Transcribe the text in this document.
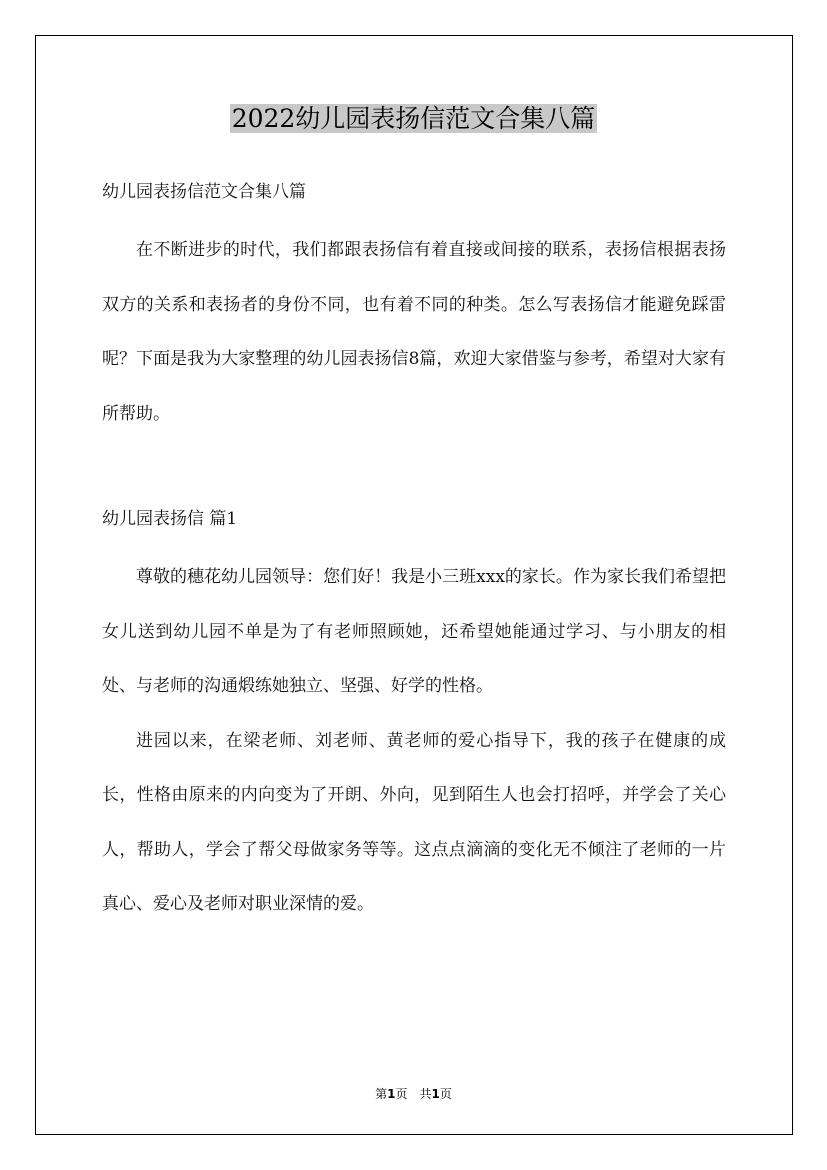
2022幼儿园表扬信范文合集八篇

幼儿园表扬信范文合集八篇

在不断进步的时代，我们都跟表扬信有着直接或间接的联系，表扬信根据表扬双方的关系和表扬者的身份不同，也有着不同的种类。怎么写表扬信才能避免踩雷呢？下面是我为大家整理的幼儿园表扬信8篇，欢迎大家借鉴与参考，希望对大家有所帮助。

幼儿园表扬信 篇1

尊敬的穗花幼儿园领导：您们好！我是小三班xxx的家长。作为家长我们希望把女儿送到幼儿园不单是为了有老师照顾她，还希望她能通过学习、与小朋友的相处、与老师的沟通煅练她独立、坚强、好学的性格。

进园以来，在梁老师、刘老师、黄老师的爱心指导下，我的孩子在健康的成长，性格由原来的内向变为了开朗、外向，见到陌生人也会打招呼，并学会了关心人，帮助人，学会了帮父母做家务等等。这点点滴滴的变化无不倾注了老师的一片真心、爱心及老师对职业深情的爱。

第1页　共1页
